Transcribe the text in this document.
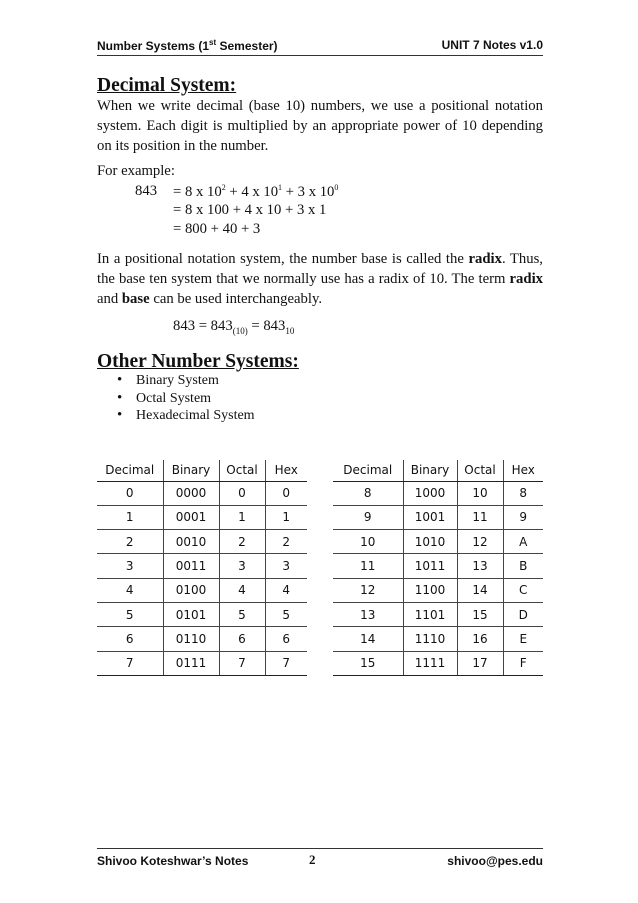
Number Systems (1st Semester)	UNIT 7 Notes v1.0
Decimal System:
When we write decimal (base 10) numbers, we use a positional notation system. Each digit is multiplied by an appropriate power of 10 depending on its position in the number.
For example:
843 = 8 x $10^2 + 4$ x $10^1 + 3$ x $10^0$
= 8 x 100 + 4 x 10 + 3 x 1
= 800 + 40 + 3
In a positional notation system, the number base is called the radix. Thus, the base ten system that we normally use has a radix of 10. The term radix and base can be used interchangeably.
$843 = 843_{(10)} = 843_{10}$
Other Number Systems:
• Binary System
• Octal System
• Hexadecimal System
Decimal	Binary	Octal	Hex
0	0000	0	0
1	0001	1	1
2	0010	2	2
3	0011	3	3
4	0100	4	4
5	0101	5	5
6	0110	6	6
7	0111	7	7
Decimal	Binary	Octal	Hex
8	1000	10	8
9	1001	11	9
10	1010	12	A
11	1011	13	B
12	1100	14	C
13	1101	15	D
14	1110	16	E
15	1111	17	F
Shivoo Koteshwar’s Notes	2	shivoo@pes.edu
